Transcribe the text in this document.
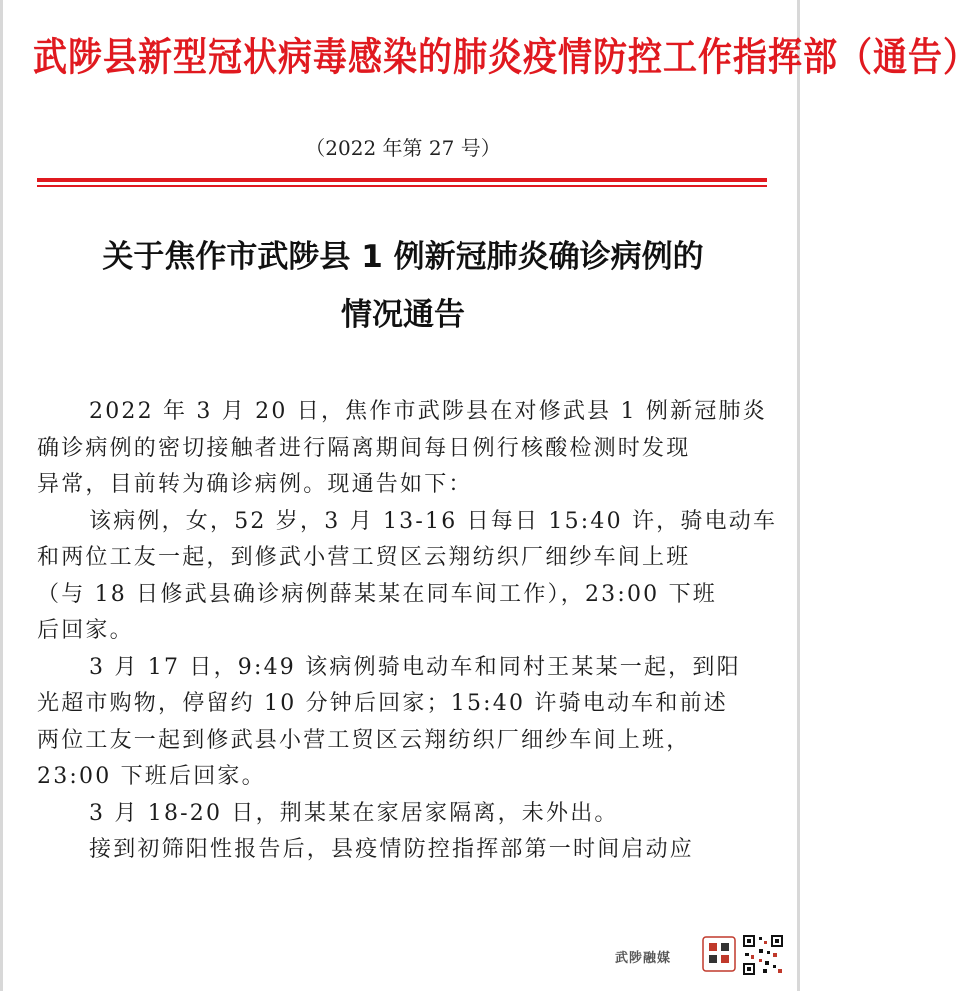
武陟县新型冠状病毒感染的肺炎疫情防控工作指挥部（通告）
（2022 年第 27 号）
关于焦作市武陟县 1 例新冠肺炎确诊病例的
情况通告
2022 年 3 月 20 日，焦作市武陟县在对修武县 1 例新冠肺炎
确诊病例的密切接触者进行隔离期间每日例行核酸检测时发现
异常，目前转为确诊病例。现通告如下：
该病例，女，52 岁，3 月 13-16 日每日 15:40 许，骑电动车
和两位工友一起，到修武小营工贸区云翔纺织厂细纱车间上班
（与 18 日修武县确诊病例薛某某在同车间工作），23:00 下班
后回家。
3 月 17 日，9:49 该病例骑电动车和同村王某某一起，到阳
光超市购物，停留约 10 分钟后回家；15:40 许骑电动车和前述
两位工友一起到修武县小营工贸区云翔纺织厂细纱车间上班，
23:00 下班后回家。
3 月 18-20 日，荆某某在家居家隔离，未外出。
接到初筛阳性报告后，县疫情防控指挥部第一时间启动应
武陟融媒
